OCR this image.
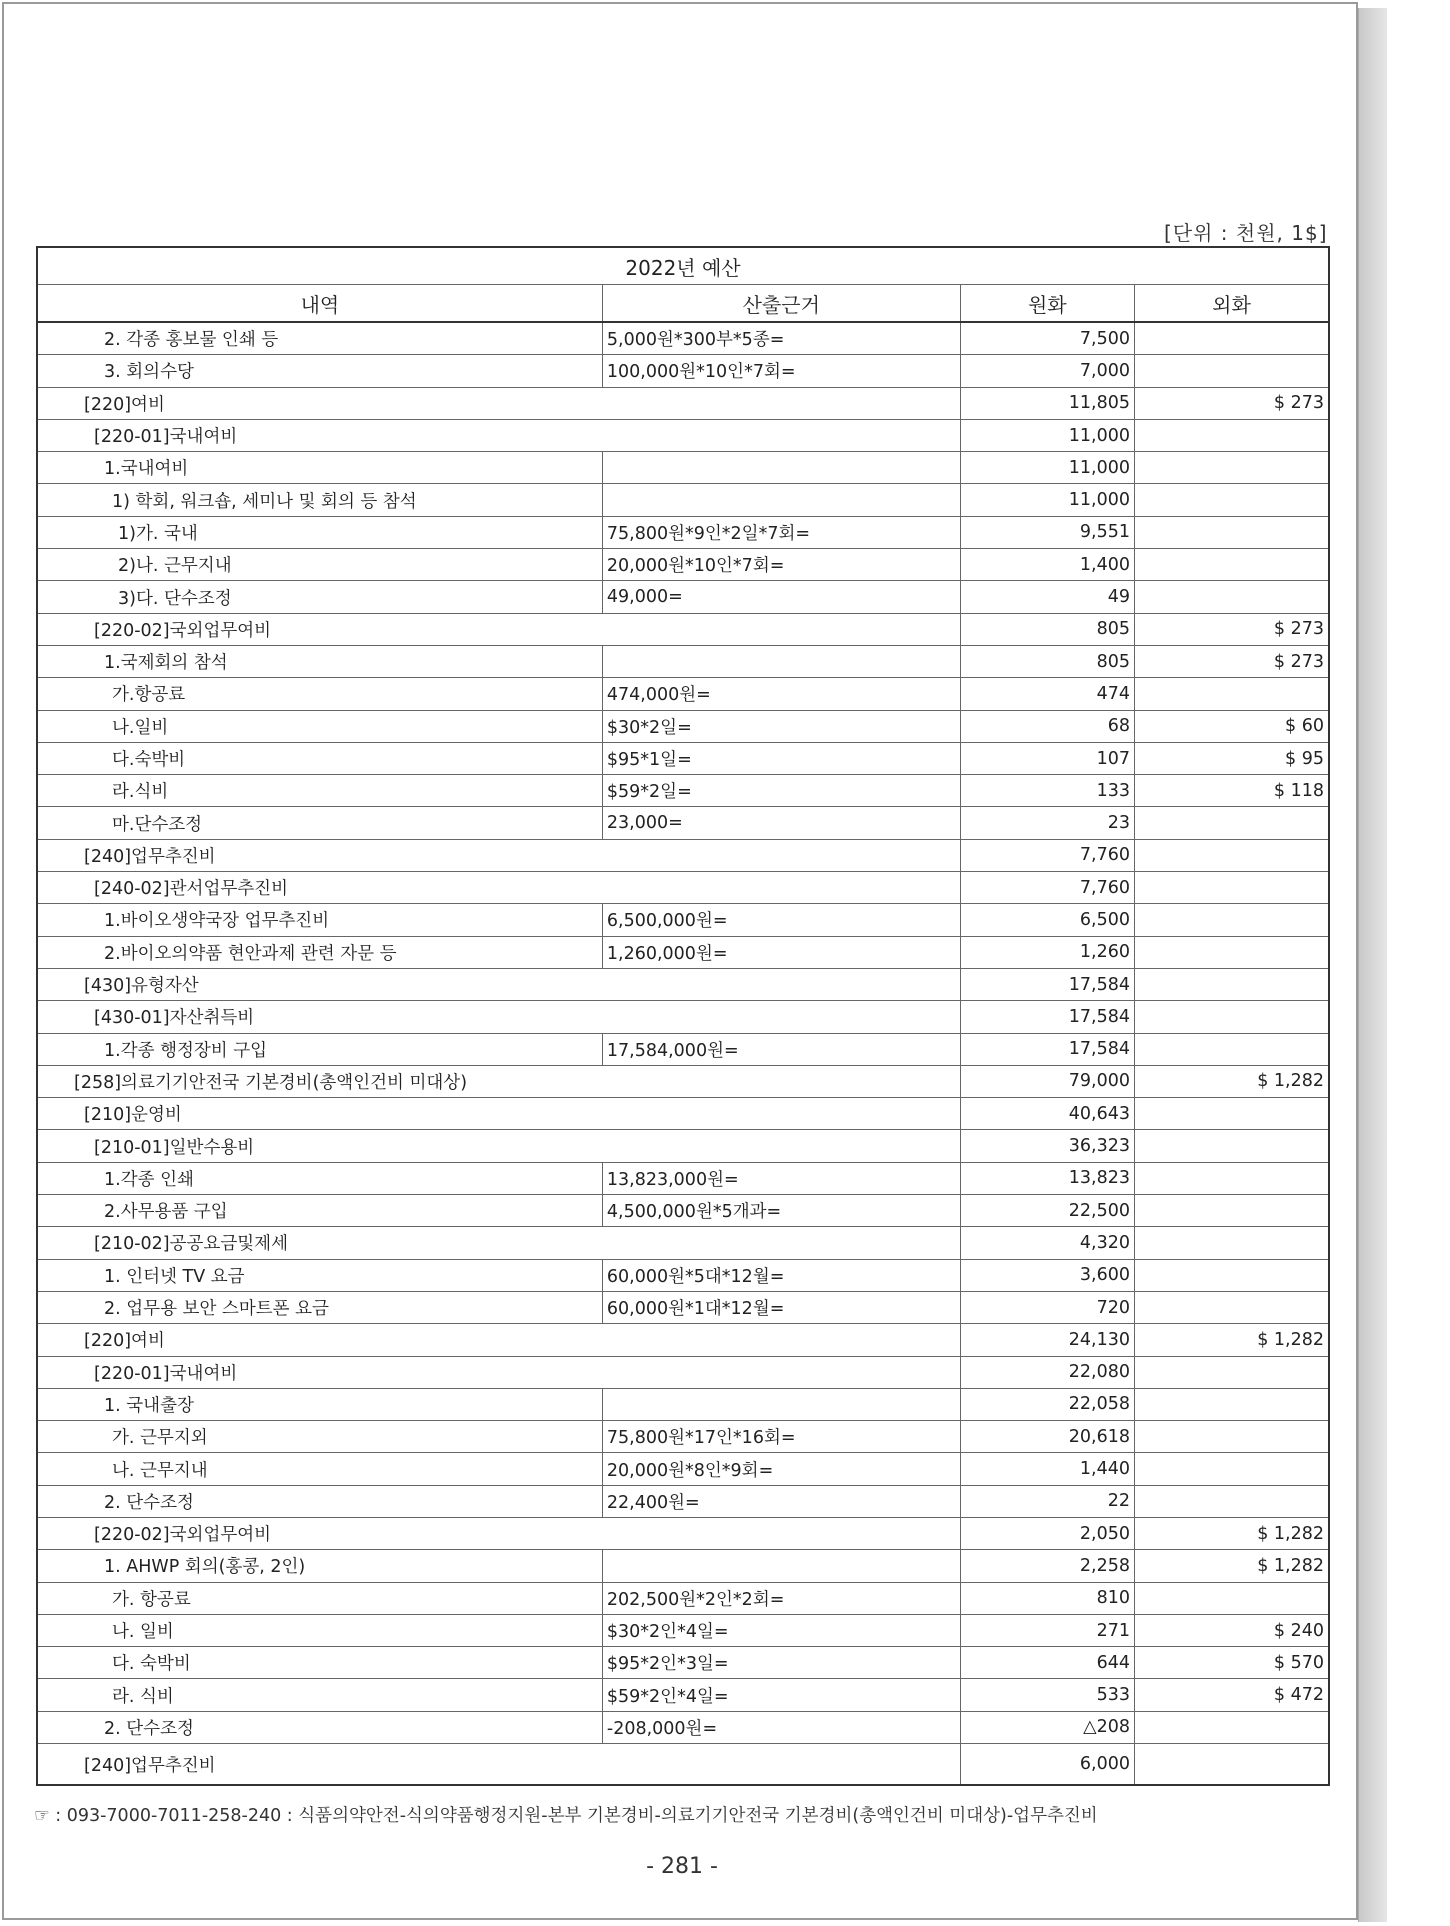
[단위 : 천원, 1$]
2022년 예산			
내역	산출근거	원화	외화
2. 각종 홍보물 인쇄 등	5,000원*300부*5종=	7,500	
3. 회의수당	100,000원*10인*7회=	7,000	
[220]여비		11,805	$ 273
[220-01]국내여비		11,000	
1.국내여비		11,000	
1) 학회, 워크숍, 세미나 및 회의 등 참석		11,000	
1)가. 국내	75,800원*9인*2일*7회=	9,551	
2)나. 근무지내	20,000원*10인*7회=	1,400	
3)다. 단수조정	49,000=	49	
[220-02]국외업무여비		805	$ 273
1.국제회의 참석		805	$ 273
가.항공료	474,000원=	474	
나.일비	$30*2일=	68	$ 60
다.숙박비	$95*1일=	107	$ 95
라.식비	$59*2일=	133	$ 118
마.단수조정	23,000=	23	
[240]업무추진비		7,760	
[240-02]관서업무추진비		7,760	
1.바이오생약국장 업무추진비	6,500,000원=	6,500	
2.바이오의약품 현안과제 관련 자문 등	1,260,000원=	1,260	
[430]유형자산		17,584	
[430-01]자산취득비		17,584	
1.각종 행정장비 구입	17,584,000원=	17,584	
[258]의료기기안전국 기본경비(총액인건비 미대상)		79,000	$ 1,282
[210]운영비		40,643	
[210-01]일반수용비		36,323	
1.각종 인쇄	13,823,000원=	13,823	
2.사무용품 구입	4,500,000원*5개과=	22,500	
[210-02]공공요금및제세		4,320	
1. 인터넷 TV 요금	60,000원*5대*12월=	3,600	
2. 업무용 보안 스마트폰 요금	60,000원*1대*12월=	720	
[220]여비		24,130	$ 1,282
[220-01]국내여비		22,080	
1. 국내출장		22,058	
가. 근무지외	75,800원*17인*16회=	20,618	
나. 근무지내	20,000원*8인*9회=	1,440	
2. 단수조정	22,400원=	22	
[220-02]국외업무여비		2,050	$ 1,282
1. AHWP 회의(홍콩, 2인)		2,258	$ 1,282
가. 항공료	202,500원*2인*2회=	810	
나. 일비	$30*2인*4일=	271	$ 240
다. 숙박비	$95*2인*3일=	644	$ 570
라. 식비	$59*2인*4일=	533	$ 472
2. 단수조정	-208,000원=	△208	
[240]업무추진비		6,000	
☞ : 093-7000-7011-258-240 : 식품의약안전-식의약품행정지원-본부 기본경비-의료기기안전국 기본경비(총액인건비 미대상)-업무추진비
- 281 -
